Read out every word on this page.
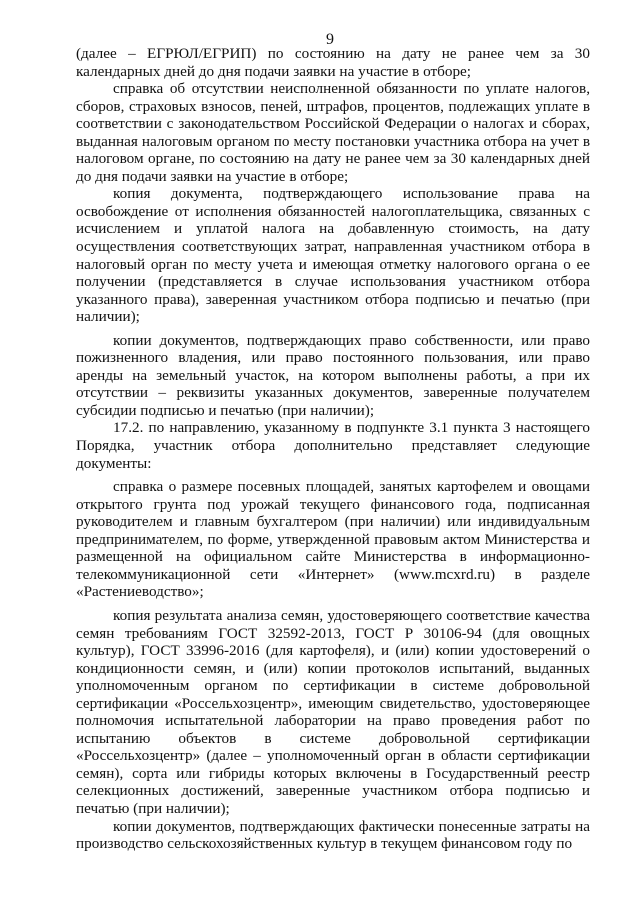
9

(далее – ЕГРЮЛ/ЕГРИП) по состоянию на дату не ранее чем за 30 календарных дней до дня подачи заявки на участие в отборе;

справка об отсутствии неисполненной обязанности по уплате налогов, сборов, страховых взносов, пеней, штрафов, процентов, подлежащих уплате в соответствии с законодательством Российской Федерации о налогах и сборах, выданная налоговым органом по месту постановки участника отбора на учет в налоговом органе, по состоянию на дату не ранее чем за 30 календарных дней до дня подачи заявки на участие в отборе;

копия документа, подтверждающего использование права на освобождение от исполнения обязанностей налогоплательщика, связанных с исчислением и уплатой налога на добавленную стоимость, на дату осуществления соответствующих затрат, направленная участником отбора в налоговый орган по месту учета и имеющая отметку налогового органа о ее получении (представляется в случае использования участником отбора указанного права), заверенная участником отбора подписью и печатью (при наличии);

копии документов, подтверждающих право собственности, или право пожизненного владения, или право постоянного пользования, или право аренды на земельный участок, на котором выполнены работы, а при их отсутствии – реквизиты указанных документов, заверенные получателем субсидии подписью и печатью (при наличии);

17.2. по направлению, указанному в подпункте 3.1 пункта 3 настоящего Порядка, участник отбора дополнительно представляет следующие документы:

справка о размере посевных площадей, занятых картофелем и овощами открытого грунта под урожай текущего финансового года, подписанная руководителем и главным бухгалтером (при наличии) или индивидуальным предпринимателем, по форме, утвержденной правовым актом Министерства и размещенной на официальном сайте Министерства в информационно-телекоммуникационной сети «Интернет» (www.mcxrd.ru) в разделе «Растениеводство»;

копия результата анализа семян, удостоверяющего соответствие качества семян требованиям ГОСТ 32592-2013, ГОСТ Р 30106-94 (для овощных культур), ГОСТ 33996-2016 (для картофеля), и (или) копии удостоверений о кондиционности семян, и (или) копии протоколов испытаний, выданных уполномоченным органом по сертификации в системе добровольной сертификации «Россельхозцентр», имеющим свидетельство, удостоверяющее полномочия испытательной лаборатории на право проведения работ по испытанию объектов в системе добровольной сертификации «Россельхозцентр» (далее – уполномоченный орган в области сертификации семян), сорта или гибриды которых включены в Государственный реестр селекционных достижений, заверенные участником отбора подписью и печатью (при наличии);

копии документов, подтверждающих фактически понесенные затраты на производство сельскохозяйственных культур в текущем финансовом году по
